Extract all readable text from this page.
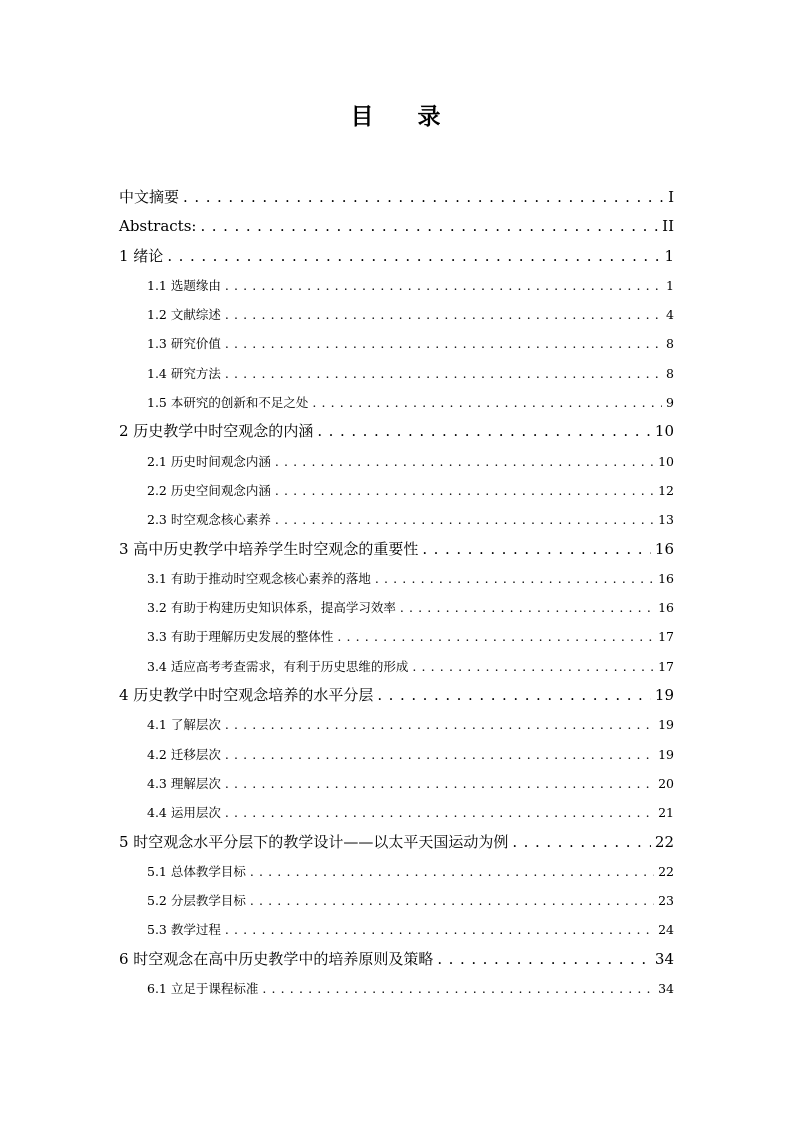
目 录
中文摘要 . . .	I
Abstracts: . . .	II
1 绪论 . . .	1
1.1 选题缘由 . . .	1
1.2 文献综述 . . .	4
1.3 研究价值 . . .	8
1.4 研究方法 . . .	8
1.5 本研究的创新和不足之处 . . .	9
2 历史教学中时空观念的内涵 . . .	10
2.1 历史时间观念内涵 . . .	10
2.2 历史空间观念内涵 . . .	12
2.3 时空观念核心素养 . . .	13
3 高中历史教学中培养学生时空观念的重要性 . . .	16
3.1 有助于推动时空观念核心素养的落地 . . .	16
3.2 有助于构建历史知识体系，提高学习效率 . . .	16
3.3 有助于理解历史发展的整体性 . . .	17
3.4 适应高考考查需求，有利于历史思维的形成 . . .	17
4 历史教学中时空观念培养的水平分层 . . .	19
4.1 了解层次 . . .	19
4.2 迁移层次 . . .	19
4.3 理解层次 . . .	20
4.4 运用层次 . . .	21
5 时空观念水平分层下的教学设计——以太平天国运动为例 . . .	22
5.1 总体教学目标 . . .	22
5.2 分层教学目标 . . .	23
5.3 教学过程 . . .	24
6 时空观念在高中历史教学中的培养原则及策略 . . .	34
6.1 立足于课程标准 . . .	34
